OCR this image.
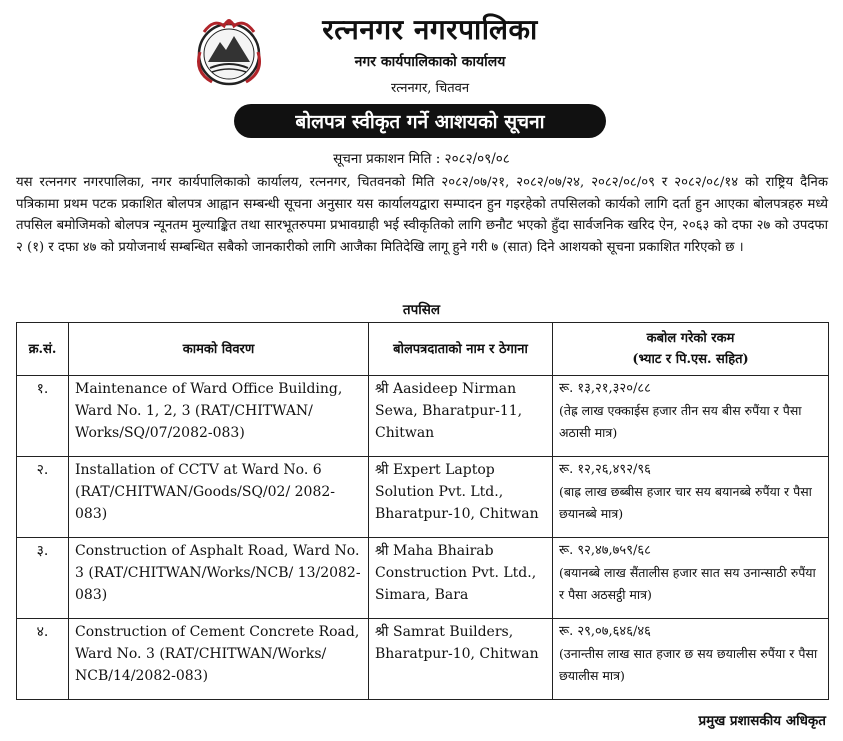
रत्ननगर नगरपालिका
नगर कार्यपालिकाको कार्यालय
रत्ननगर, चितवन
बोलपत्र स्वीकृत गर्ने आशयको सूचना
सूचना प्रकाशन मिति : २०८२/०९/०८
यस रत्ननगर नगरपालिका, नगर कार्यपालिकाको कार्यालय, रत्ननगर, चितवनको मिति २०८२/०७/२१, २०८२/०७/२४, २०८२/०८/०९ र २०८२/०८/१४ को राष्ट्रिय दैनिक पत्रिकामा प्रथम पटक प्रकाशित बोलपत्र आह्वान सम्बन्धी सूचना अनुसार यस कार्यालयद्वारा सम्पादन हुन गइरहेको तपसिलको कार्यको लागि दर्ता हुन आएका बोलपत्रहरु मध्ये तपसिल बमोजिमको बोलपत्र न्यूनतम मुल्याङ्कित तथा सारभूतरुपमा प्रभावग्राही भई स्वीकृतिको लागि छनौट भएको हुँदा सार्वजनिक खरिद ऐन, २०६३ को दफा २७ को उपदफा २ (१) र दफा ४७ को प्रयोजनार्थ सम्बन्धित सबैको जानकारीको लागि आजैका मितिदेखि लागू हुने गरी ७ (सात) दिने आशयको सूचना प्रकाशित गरिएको छ ।
तपसिल
क्र.सं.	कामको विवरण	बोलपत्रदाताको नाम र ठेगाना	कबोल गरेको रकम
(भ्याट र पि.एस. सहित)

१.	Maintenance of Ward Office Building, Ward No. 1, 2, 3 (RAT/CHITWAN/ Works/SQ/07/2082-083)	श्री Aasideep Nirman Sewa, Bharatpur-11, Chitwan	रू. १३,२१,३२०/८८
(तेह्र लाख एक्काईस हजार तीन सय बीस रुपैंया र पैसा अठासी मात्र)

२.	Installation of CCTV at Ward No. 6 (RAT/CHITWAN/Goods/SQ/02/ 2082-083)	श्री Expert Laptop Solution Pvt. Ltd., Bharatpur-10, Chitwan	रू. १२,२६,४९२/९६
(बाह्र लाख छब्बीस हजार चार सय बयानब्बे रुपैंया र पैसा छयानब्बे मात्र)

३.	Construction of Asphalt Road, Ward No. 3 (RAT/CHITWAN/Works/NCB/ 13/2082-083)	श्री Maha Bhairab Construction Pvt. Ltd., Simara, Bara	रू. ९२,४७,७५९/६८
(बयानब्बे लाख सैंतालीस हजार सात सय उनान्साठी रुपैंया र पैसा अठसट्ठी मात्र)

४.	Construction of Cement Concrete Road, Ward No. 3 (RAT/CHITWAN/Works/ NCB/14/2082-083)	श्री Samrat Builders, Bharatpur-10, Chitwan	रू. २९,०७,६४६/४६
(उनान्तीस लाख सात हजार छ सय छयालीस रुपैंया र पैसा छयालीस मात्र)
प्रमुख प्रशासकीय अधिकृत
